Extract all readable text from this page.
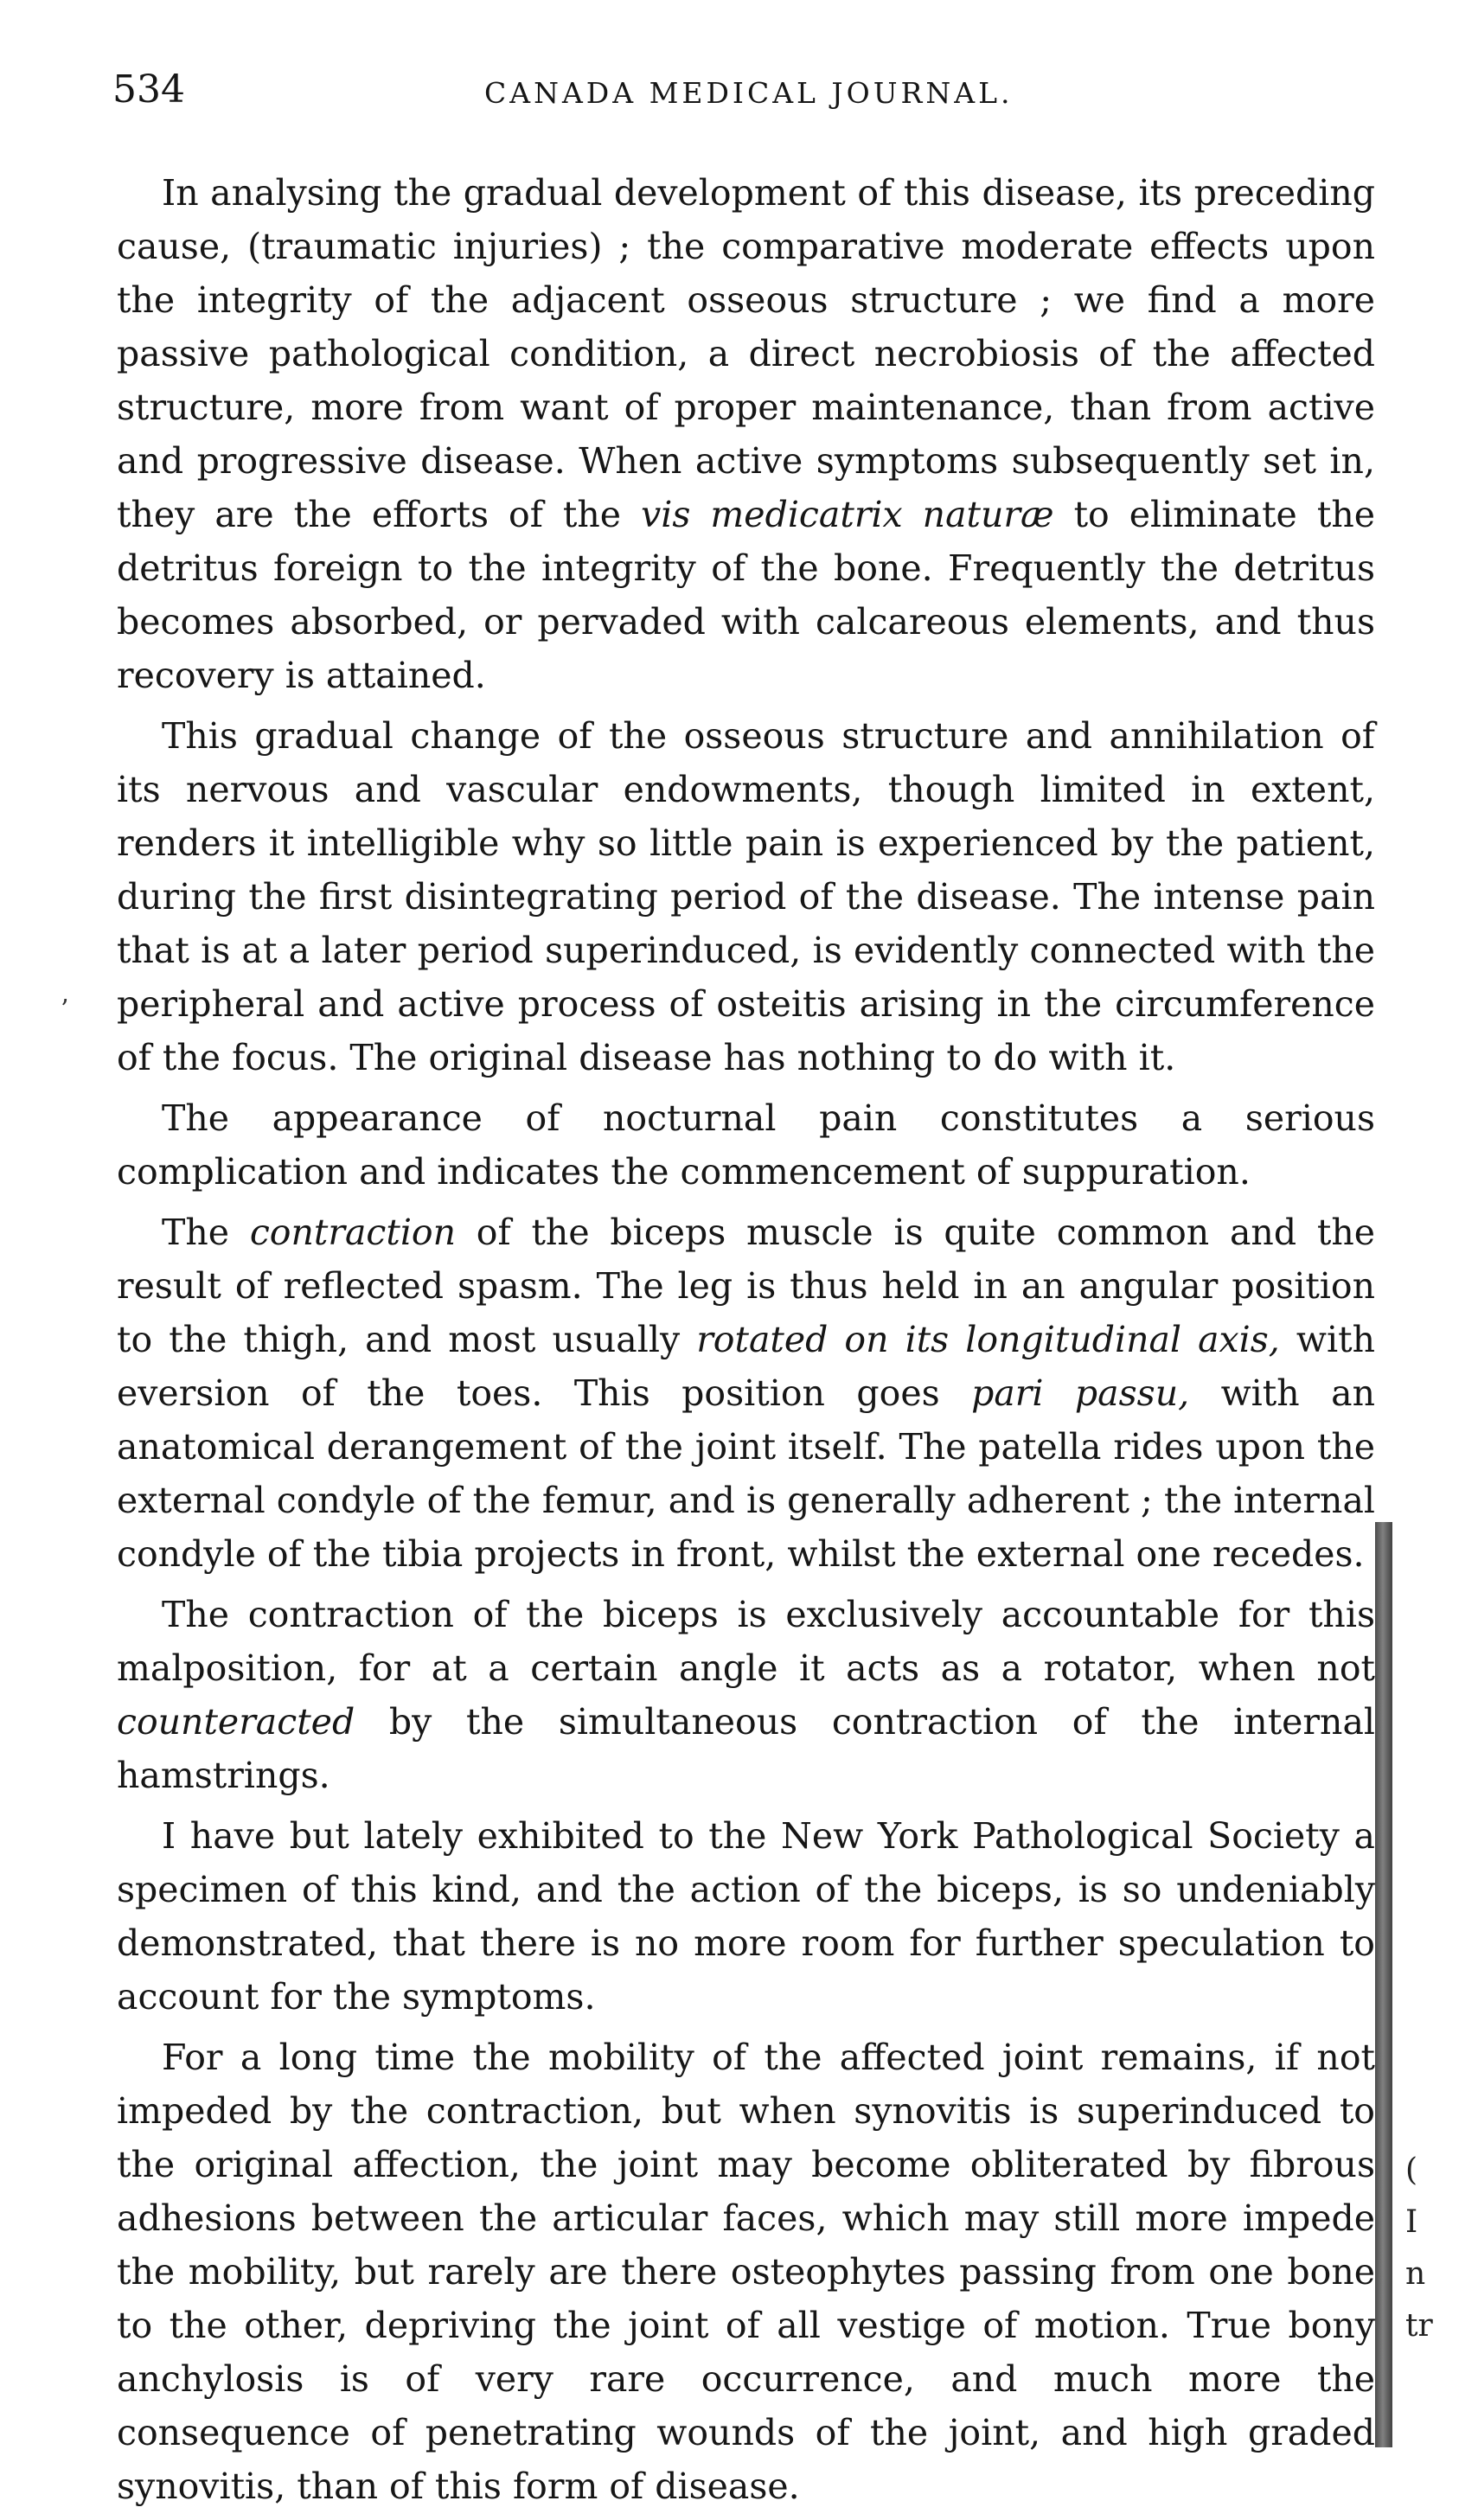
534	CANADA MEDICAL JOURNAL.
’

In analysing the gradual development of this disease, its preceding cause, (traumatic injuries) ; the comparative moderate effects upon the integrity of the adjacent osseous structure ; we find a more passive pathological condition, a direct necrobiosis of the affected structure, more from want of proper maintenance, than from active and progressive disease. When active symptoms subsequently set in, they are the efforts of the vis medicatrix naturæ to eliminate the detritus foreign to the integrity of the bone. Frequently the detritus becomes absorbed, or pervaded with calcareous elements, and thus recovery is attained.

This gradual change of the osseous structure and annihilation of its nervous and vascular endowments, though limited in extent, renders it intelligible why so little pain is experienced by the patient, during the first disintegrating period of the disease. The intense pain that is at a later period superinduced, is evidently connected with the peripheral and active process of osteitis arising in the circumference of the focus. The original disease has nothing to do with it.

The appearance of nocturnal pain constitutes a serious complication and indicates the commencement of suppuration.

The contraction of the biceps muscle is quite common and the result of reflected spasm. The leg is thus held in an angular position to the thigh, and most usually rotated on its longitudinal axis, with eversion of the toes. This position goes pari passu, with an anatomical derangement of the joint itself. The patella rides upon the external condyle of the femur, and is generally adherent ; the internal condyle of the tibia projects in front, whilst the external one recedes.

The contraction of the biceps is exclusively accountable for this malposition, for at a certain angle it acts as a rotator, when not counteracted by the simultaneous contraction of the internal hamstrings.

I have but lately exhibited to the New York Pathological Society a specimen of this kind, and the action of the biceps, is so undeniably demonstrated, that there is no more room for further speculation to account for the symptoms.

For a long time the mobility of the affected joint remains, if not impeded by the contraction, but when synovitis is superinduced to the original affection, the joint may become obliterated by fibrous adhesions between the articular faces, which may still more impede the mobility, but rarely are there osteophytes passing from one bone to the other, depriving the joint of all vestige of motion. True bony anchylosis is of very rare occurrence, and much more the consequence of penetrating wounds of the joint, and high graded synovitis, than of this form of disease.

(
I
n
tr
